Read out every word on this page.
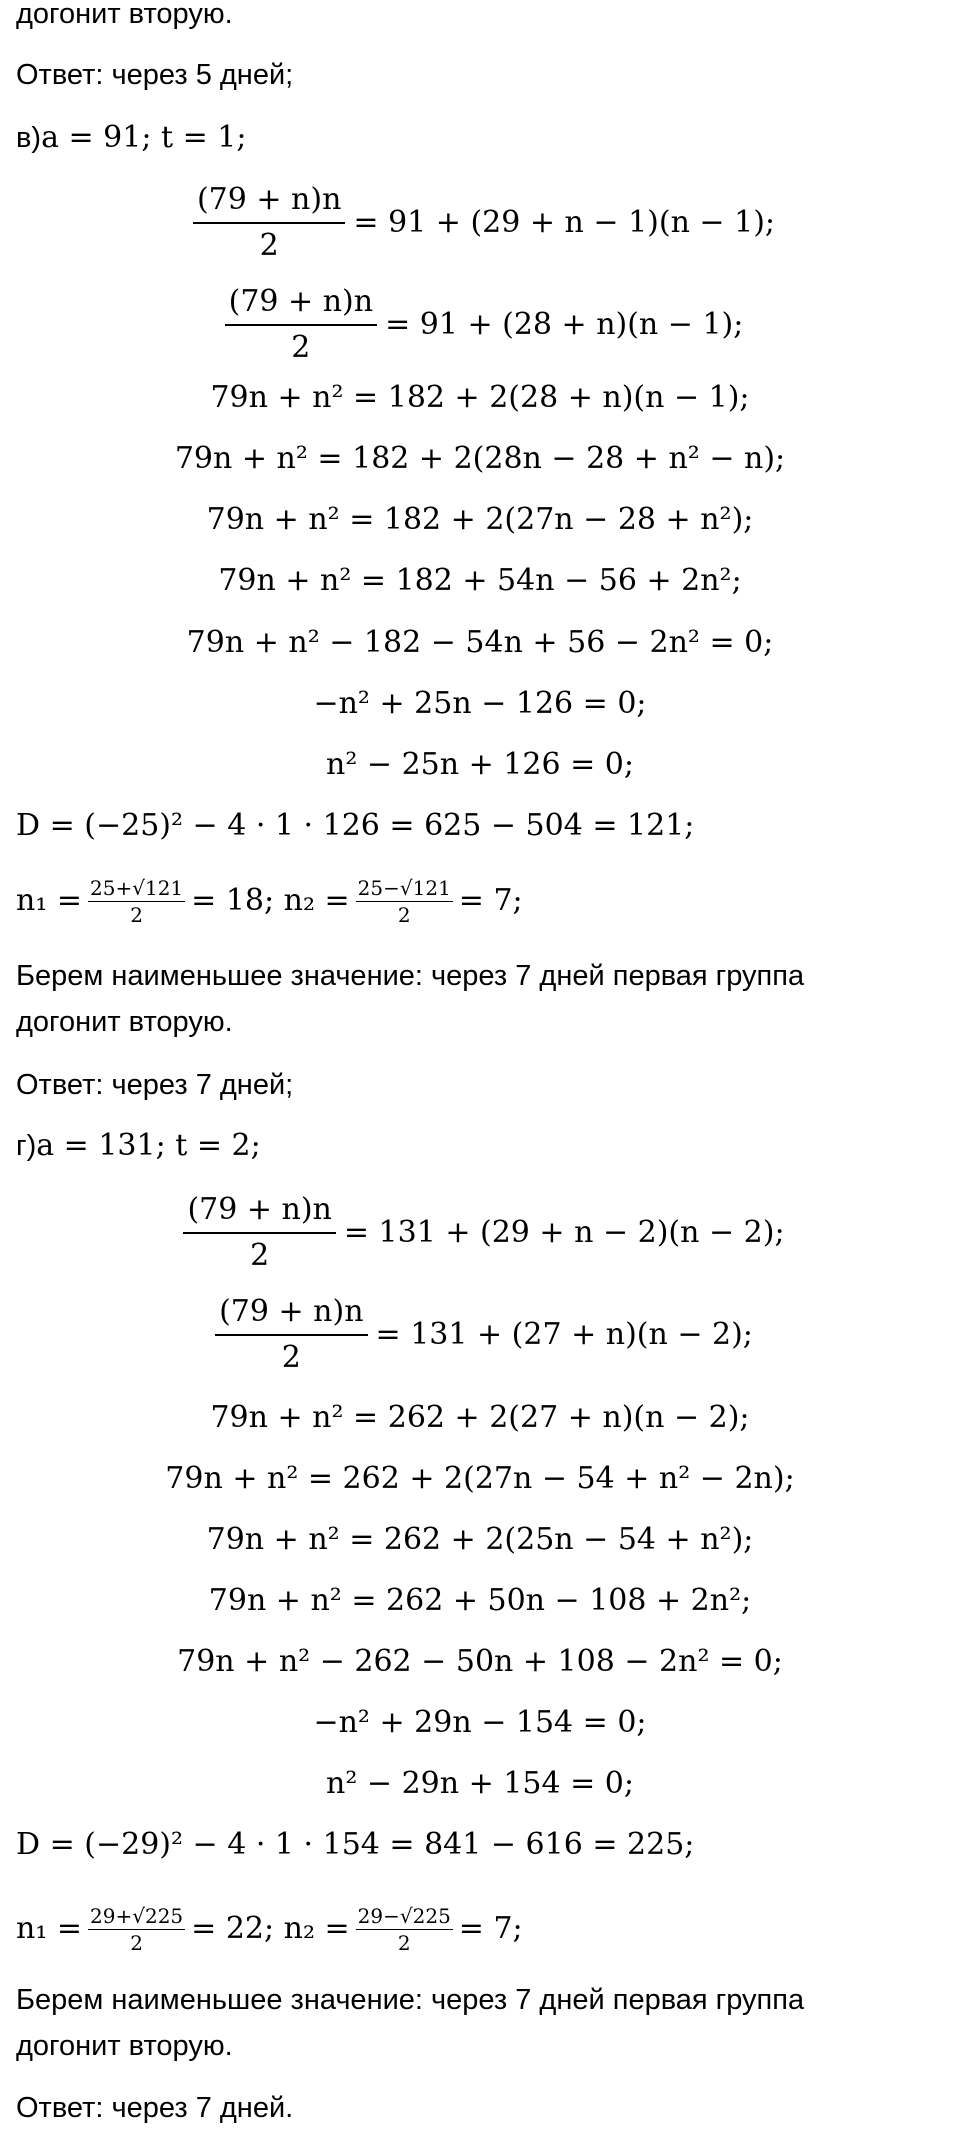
догонит вторую.
Ответ: через 5 дней;
в)a = 91; t = 1;
$\frac{(79 + n)n}{2} = 91 + (29 + n - 1)(n - 1)$;
$\frac{(79 + n)n}{2} = 91 + (28 + n)(n - 1)$;
79n + n² = 182 + 2(28 + n)(n − 1);
79n + n² = 182 + 2(28n − 28 + n² − n);
79n + n² = 182 + 2(27n − 28 + n²);
79n + n² = 182 + 54n − 56 + 2n²;
79n + n² − 182 − 54n + 56 − 2n² = 0;
−n² + 25n − 126 = 0;
n² − 25n + 126 = 0;
D = (−25)² − 4 · 1 · 126 = 625 − 504 = 121;
$n_1 = \frac{25+√121}{2} = 18$; $n_2 = \frac{25-√121}{2} = 7$;
Берем наименьшее значение: через 7 дней первая группа
догонит вторую.
Ответ: через 7 дней;
г)a = 131; t = 2;
$\frac{(79 + n)n}{2} = 131 + (29 + n - 2)(n - 2)$;
$\frac{(79 + n)n}{2} = 131 + (27 + n)(n - 2)$;
79n + n² = 262 + 2(27 + n)(n − 2);
79n + n² = 262 + 2(27n − 54 + n² − 2n);
79n + n² = 262 + 2(25n − 54 + n²);
79n + n² = 262 + 50n − 108 + 2n²;
79n + n² − 262 − 50n + 108 − 2n² = 0;
−n² + 29n − 154 = 0;
n² − 29n + 154 = 0;
D = (−29)² − 4 · 1 · 154 = 841 − 616 = 225;
$n_1 = \frac{29+√225}{2} = 22$; $n_2 = \frac{29-√225}{2} = 7$;
Берем наименьшее значение: через 7 дней первая группа
догонит вторую.
Ответ: через 7 дней.
